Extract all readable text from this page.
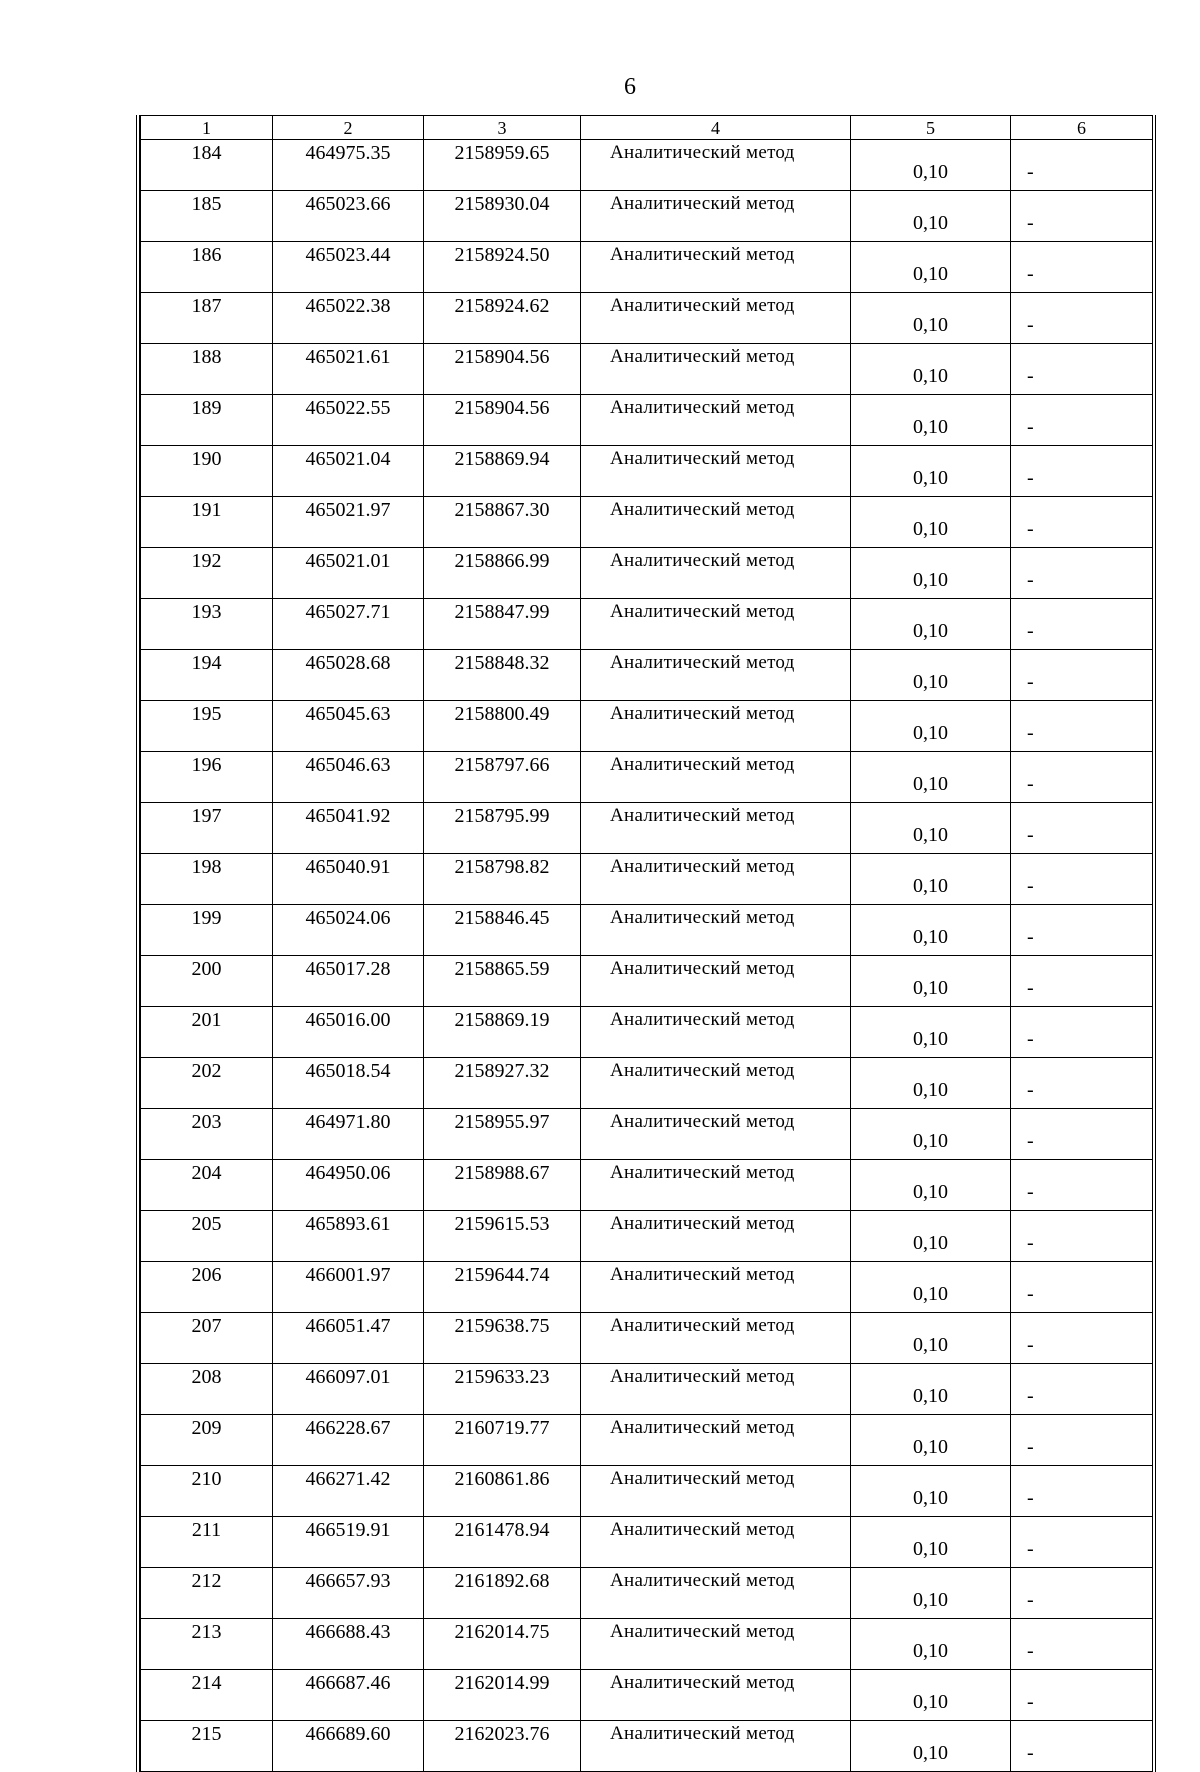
6
1	2	3	4	5	6
184	464975.35	2158959.65	Аналитический метод	0,10	-
185	465023.66	2158930.04	Аналитический метод	0,10	-
186	465023.44	2158924.50	Аналитический метод	0,10	-
187	465022.38	2158924.62	Аналитический метод	0,10	-
188	465021.61	2158904.56	Аналитический метод	0,10	-
189	465022.55	2158904.56	Аналитический метод	0,10	-
190	465021.04	2158869.94	Аналитический метод	0,10	-
191	465021.97	2158867.30	Аналитический метод	0,10	-
192	465021.01	2158866.99	Аналитический метод	0,10	-
193	465027.71	2158847.99	Аналитический метод	0,10	-
194	465028.68	2158848.32	Аналитический метод	0,10	-
195	465045.63	2158800.49	Аналитический метод	0,10	-
196	465046.63	2158797.66	Аналитический метод	0,10	-
197	465041.92	2158795.99	Аналитический метод	0,10	-
198	465040.91	2158798.82	Аналитический метод	0,10	-
199	465024.06	2158846.45	Аналитический метод	0,10	-
200	465017.28	2158865.59	Аналитический метод	0,10	-
201	465016.00	2158869.19	Аналитический метод	0,10	-
202	465018.54	2158927.32	Аналитический метод	0,10	-
203	464971.80	2158955.97	Аналитический метод	0,10	-
204	464950.06	2158988.67	Аналитический метод	0,10	-
205	465893.61	2159615.53	Аналитический метод	0,10	-
206	466001.97	2159644.74	Аналитический метод	0,10	-
207	466051.47	2159638.75	Аналитический метод	0,10	-
208	466097.01	2159633.23	Аналитический метод	0,10	-
209	466228.67	2160719.77	Аналитический метод	0,10	-
210	466271.42	2160861.86	Аналитический метод	0,10	-
211	466519.91	2161478.94	Аналитический метод	0,10	-
212	466657.93	2161892.68	Аналитический метод	0,10	-
213	466688.43	2162014.75	Аналитический метод	0,10	-
214	466687.46	2162014.99	Аналитический метод	0,10	-
215	466689.60	2162023.76	Аналитический метод	0,10	-
